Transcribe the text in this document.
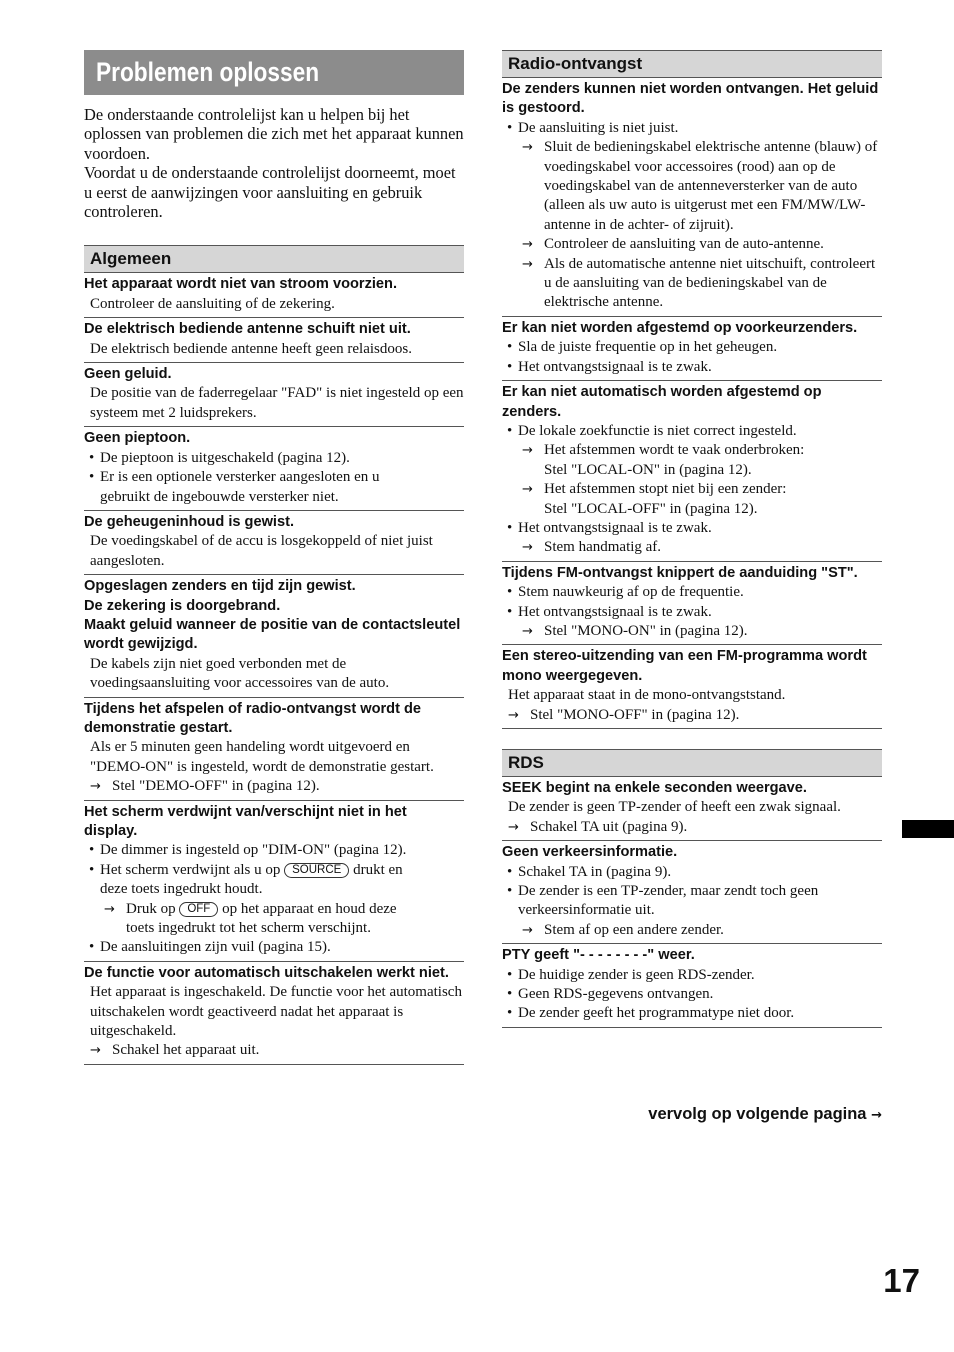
Problemen oplossen

De onderstaande controlelijst kan u helpen bij het oplossen van problemen die zich met het apparaat kunnen voordoen.

Voordat u de onderstaande controlelijst doorneemt, moet u eerst de aanwijzingen voor aansluiting en gebruik controleren.

Algemeen
Het apparaat wordt niet van stroom voorzien.
Controleer de aansluiting of de zekering.
De elektrisch bediende antenne schuift niet uit.
De elektrisch bediende antenne heeft geen relaisdoos.
Geen geluid.
De positie van de faderregelaar "FAD" is niet ingesteld op een systeem met 2 luidsprekers.
Geen pieptoon.
• De pieptoon is uitgeschakeld (pagina 12).
• Er is een optionele versterker aangesloten en u
gebruikt de ingebouwde versterker niet.
De geheugeninhoud is gewist.
De voedingskabel of de accu is losgekoppeld of niet juist aangesloten.
Opgeslagen zenders en tijd zijn gewist.
De zekering is doorgebrand.
Maakt geluid wanneer de positie van de contactsleutel wordt gewijzigd.
De kabels zijn niet goed verbonden met de voedingsaansluiting voor accessoires van de auto.
Tijdens het afspelen of radio-ontvangst wordt de demonstratie gestart.
Als er 5 minuten geen handeling wordt uitgevoerd en "DEMO-ON" is ingesteld, wordt de demonstratie gestart.
→ Stel "DEMO-OFF" in (pagina 12).
Het scherm verdwijnt van/verschijnt niet in het display.
• De dimmer is ingesteld op "DIM-ON" (pagina 12).
• Het scherm verdwijnt als u op SOURCE drukt en
deze toets ingedrukt houdt.
→ Druk op OFF op het apparaat en houd deze
toets ingedrukt tot het scherm verschijnt.
• De aansluitingen zijn vuil (pagina 15).
De functie voor automatisch uitschakelen werkt niet.
Het apparaat is ingeschakeld. De functie voor het automatisch uitschakelen wordt geactiveerd nadat het apparaat is uitgeschakeld.
→ Schakel het apparaat uit.
Radio-ontvangst
De zenders kunnen niet worden ontvangen. Het geluid is gestoord.
• De aansluiting is niet juist.
→ Sluit de bedieningskabel elektrische antenne (blauw) of voedingskabel voor accessoires (rood) aan op de voedingskabel van de antenneversterker van de auto (alleen als uw auto is uitgerust met een FM/MW/LW-antenne in de achter- of zijruit).
→ Controleer de aansluiting van de auto-antenne.
→ Als de automatische antenne niet uitschuift, controleert u de aansluiting van de bedieningskabel van de elektrische antenne.
Er kan niet worden afgestemd op voorkeurzenders.
• Sla de juiste frequentie op in het geheugen.
• Het ontvangstsignaal is te zwak.
Er kan niet automatisch worden afgestemd op zenders.
• De lokale zoekfunctie is niet correct ingesteld.
→ Het afstemmen wordt te vaak onderbroken:
Stel "LOCAL-ON" in (pagina 12).
→ Het afstemmen stopt niet bij een zender:
Stel "LOCAL-OFF" in (pagina 12).
• Het ontvangstsignaal is te zwak.
→ Stem handmatig af.
Tijdens FM-ontvangst knippert de aanduiding "ST".
• Stem nauwkeurig af op de frequentie.
• Het ontvangstsignaal is te zwak.
→ Stel "MONO-ON" in (pagina 12).
Een stereo-uitzending van een FM-programma wordt mono weergegeven.
Het apparaat staat in de mono-ontvangststand.
→ Stel "MONO-OFF" in (pagina 12).
RDS
SEEK begint na enkele seconden weergave.
De zender is geen TP-zender of heeft een zwak signaal.
→ Schakel TA uit (pagina 9).
Geen verkeersinformatie.
• Schakel TA in (pagina 9).
• De zender is een TP-zender, maar zendt toch geen verkeersinformatie uit.
→ Stem af op een andere zender.
PTY geeft "- - - - - - - -" weer.
• De huidige zender is geen RDS-zender.
• Geen RDS-gegevens ontvangen.
• De zender geeft het programmatype niet door.
vervolg op volgende pagina →
17
